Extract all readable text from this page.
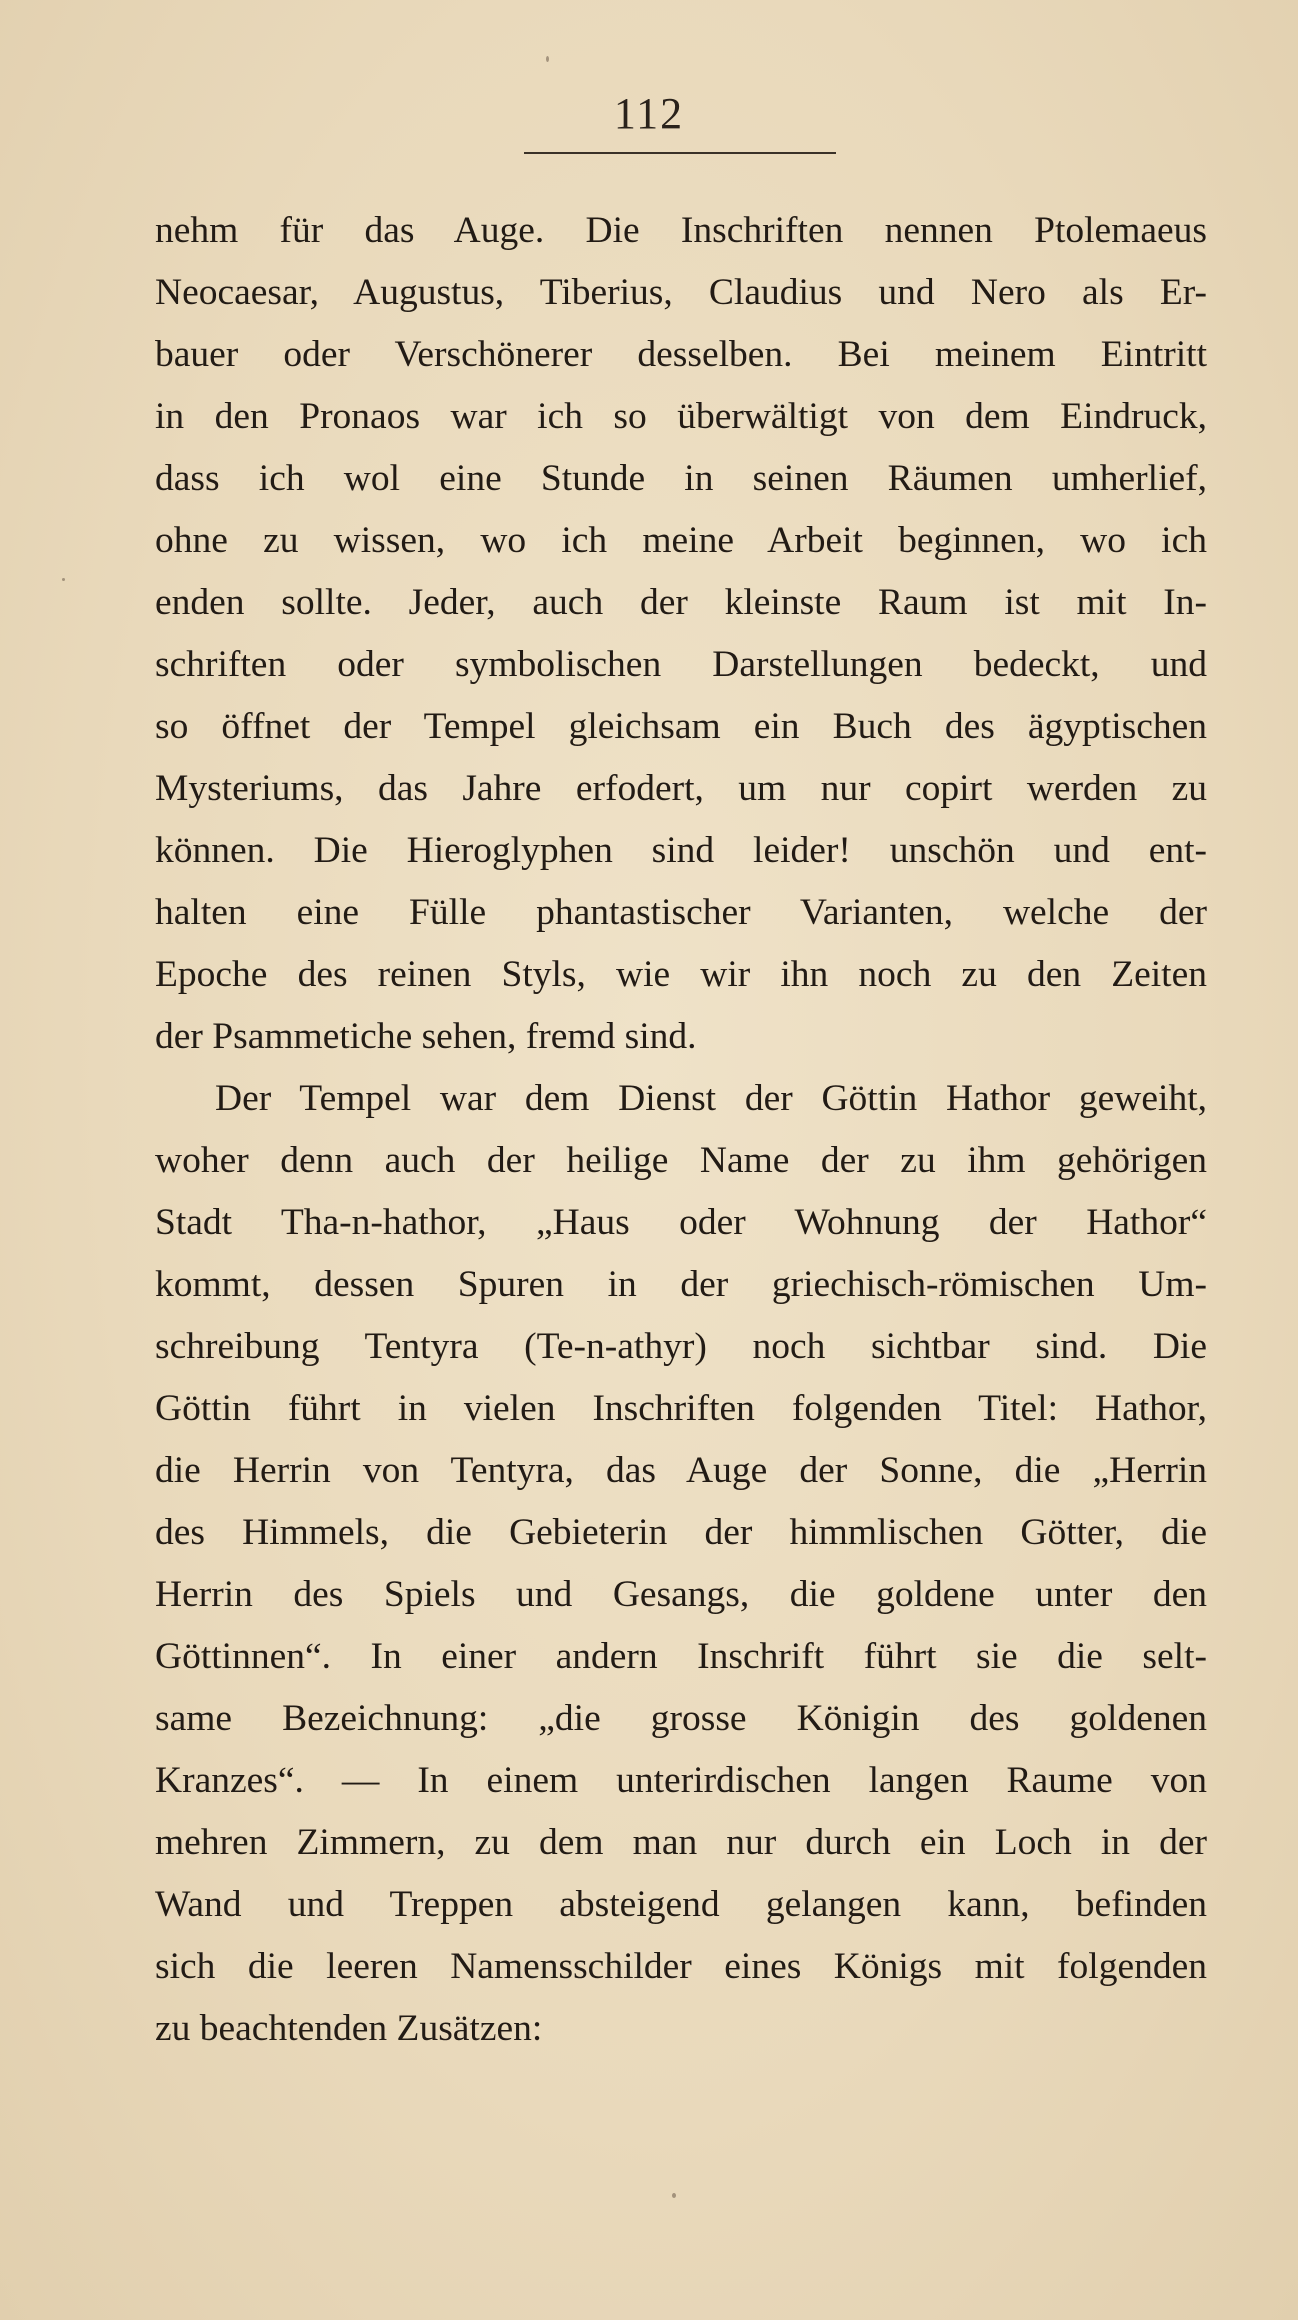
112
nehm für das Auge. Die Inschriften nennen Ptolemaeus
Neocaesar, Augustus, Tiberius, Claudius und Nero als Er-
bauer oder Verschönerer desselben. Bei meinem Eintritt
in den Pronaos war ich so überwältigt von dem Eindruck,
dass ich wol eine Stunde in seinen Räumen umherlief,
ohne zu wissen, wo ich meine Arbeit beginnen, wo ich
enden sollte. Jeder, auch der kleinste Raum ist mit In-
schriften oder symbolischen Darstellungen bedeckt, und
so öffnet der Tempel gleichsam ein Buch des ägyptischen
Mysteriums, das Jahre erfodert, um nur copirt werden zu
können. Die Hieroglyphen sind leider! unschön und ent-
halten eine Fülle phantastischer Varianten, welche der
Epoche des reinen Styls, wie wir ihn noch zu den Zeiten
der Psammetiche sehen, fremd sind.
Der Tempel war dem Dienst der Göttin Hathor geweiht,
woher denn auch der heilige Name der zu ihm gehörigen
Stadt Tha-n-hathor, „Haus oder Wohnung der Hathor“
kommt, dessen Spuren in der griechisch-römischen Um-
schreibung Tentyra (Te-n-athyr) noch sichtbar sind. Die
Göttin führt in vielen Inschriften folgenden Titel: Hathor,
die Herrin von Tentyra, das Auge der Sonne, die „Herrin
des Himmels, die Gebieterin der himmlischen Götter, die
Herrin des Spiels und Gesangs, die goldene unter den
Göttinnen“. In einer andern Inschrift führt sie die selt-
same Bezeichnung: „die grosse Königin des goldenen
Kranzes“. — In einem unterirdischen langen Raume von
mehren Zimmern, zu dem man nur durch ein Loch in der
Wand und Treppen absteigend gelangen kann, befinden
sich die leeren Namensschilder eines Königs mit folgenden
zu beachtenden Zusätzen:
